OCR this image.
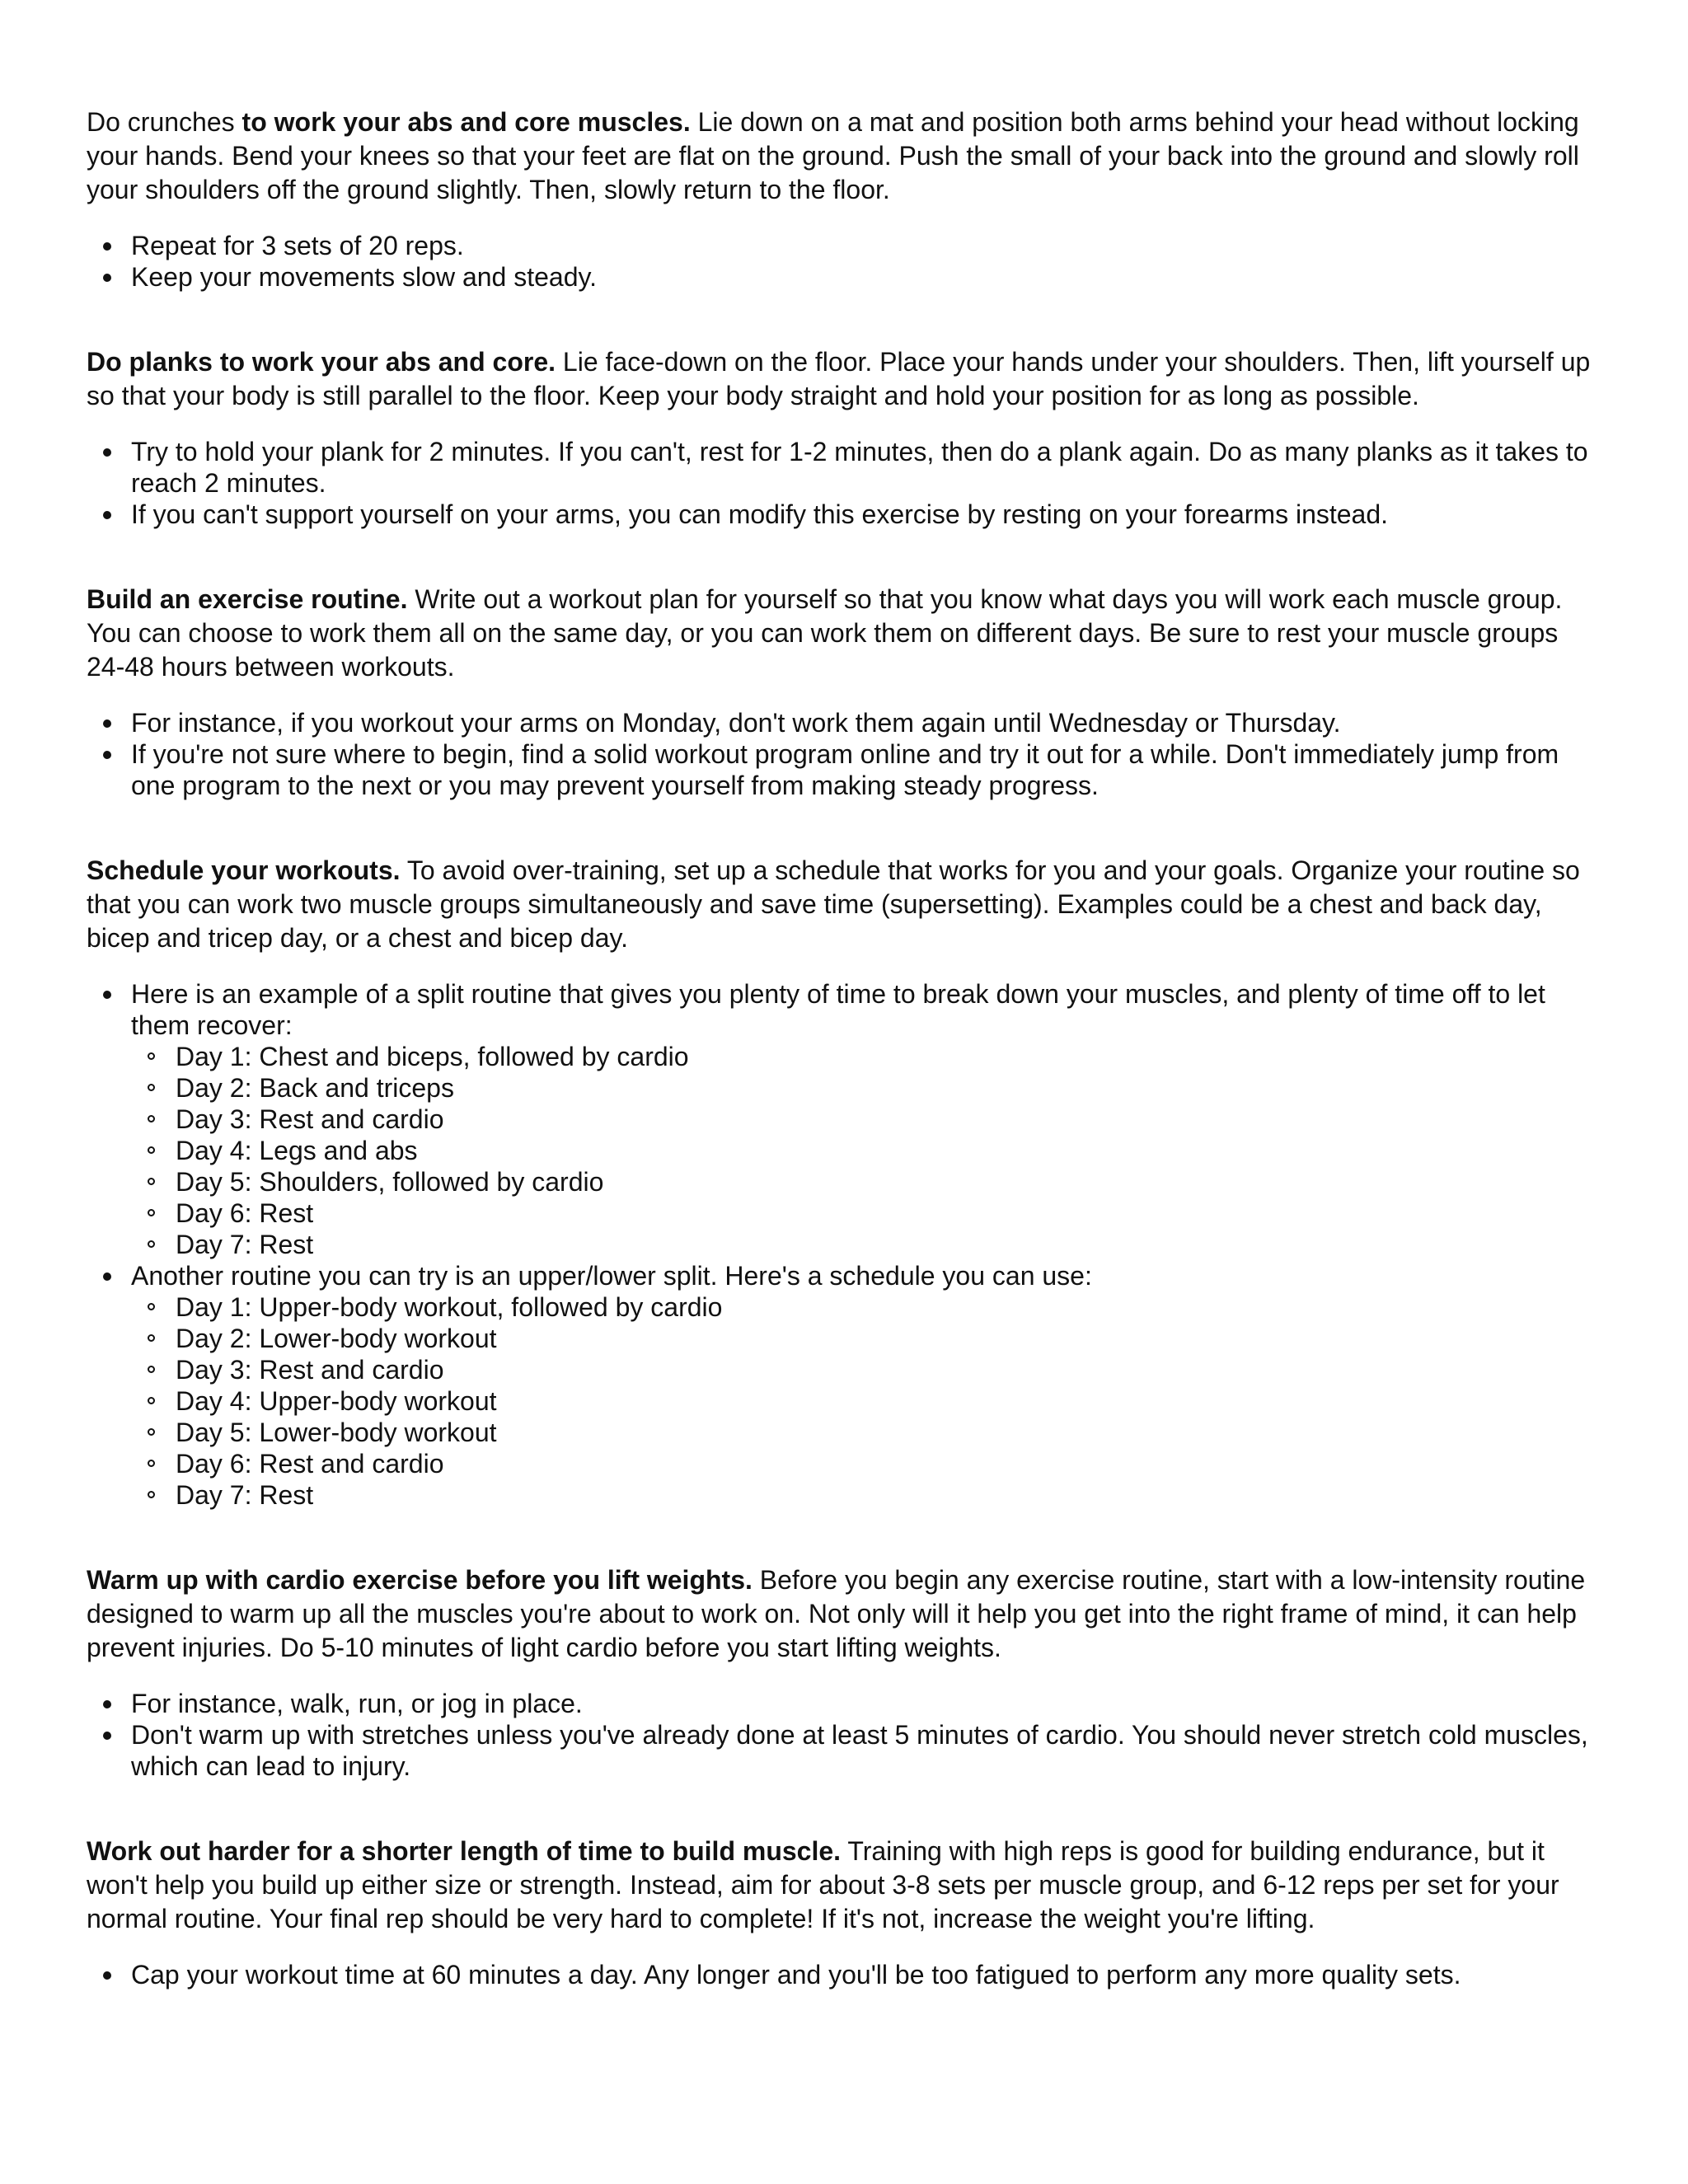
Do crunches to work your abs and core muscles. Lie down on a mat and position both arms behind your head without locking your hands. Bend your knees so that your feet are flat on the ground. Push the small of your back into the ground and slowly roll your shoulders off the ground slightly. Then, slowly return to the floor.

Repeat for 3 sets of 20 reps.
Keep your movements slow and steady.

Do planks to work your abs and core. Lie face-down on the floor. Place your hands under your shoulders. Then, lift yourself up so that your body is still parallel to the floor. Keep your body straight and hold your position for as long as possible.

Try to hold your plank for 2 minutes. If you can't, rest for 1-2 minutes, then do a plank again. Do as many planks as it takes to reach 2 minutes.
If you can't support yourself on your arms, you can modify this exercise by resting on your forearms instead.

Build an exercise routine. Write out a workout plan for yourself so that you know what days you will work each muscle group. You can choose to work them all on the same day, or you can work them on different days. Be sure to rest your muscle groups 24-48 hours between workouts.

For instance, if you workout your arms on Monday, don't work them again until Wednesday or Thursday.
If you're not sure where to begin, find a solid workout program online and try it out for a while. Don't immediately jump from one program to the next or you may prevent yourself from making steady progress.

Schedule your workouts. To avoid over-training, set up a schedule that works for you and your goals. Organize your routine so that you can work two muscle groups simultaneously and save time (supersetting). Examples could be a chest and back day, bicep and tricep day, or a chest and bicep day.

Here is an example of a split routine that gives you plenty of time to break down your muscles, and plenty of time off to let them recover:
Day 1: Chest and biceps, followed by cardio
Day 2: Back and triceps
Day 3: Rest and cardio
Day 4: Legs and abs
Day 5: Shoulders, followed by cardio
Day 6: Rest
Day 7: Rest
Another routine you can try is an upper/lower split. Here's a schedule you can use:
Day 1: Upper-body workout, followed by cardio
Day 2: Lower-body workout
Day 3: Rest and cardio
Day 4: Upper-body workout
Day 5: Lower-body workout
Day 6: Rest and cardio
Day 7: Rest

Warm up with cardio exercise before you lift weights. Before you begin any exercise routine, start with a low-intensity routine designed to warm up all the muscles you're about to work on. Not only will it help you get into the right frame of mind, it can help prevent injuries. Do 5-10 minutes of light cardio before you start lifting weights.

For instance, walk, run, or jog in place.
Don't warm up with stretches unless you've already done at least 5 minutes of cardio. You should never stretch cold muscles, which can lead to injury.

Work out harder for a shorter length of time to build muscle. Training with high reps is good for building endurance, but it won't help you build up either size or strength. Instead, aim for about 3-8 sets per muscle group, and 6-12 reps per set for your normal routine. Your final rep should be very hard to complete! If it's not, increase the weight you're lifting.

Cap your workout time at 60 minutes a day. Any longer and you'll be too fatigued to perform any more quality sets.
